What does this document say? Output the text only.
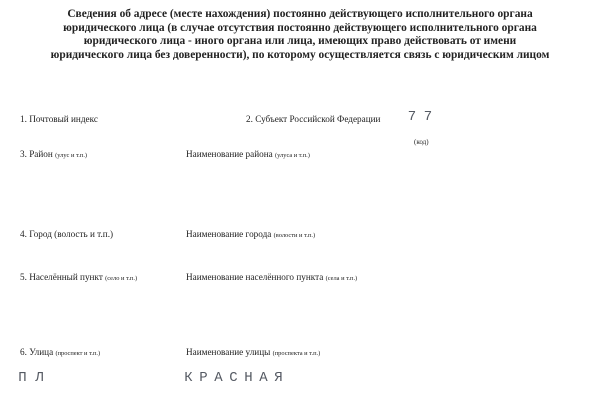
Сведения об адресе (месте нахождения) постоянно действующего исполнительного органа
юридического лица (в случае отсутствия постоянно действующего исполнительного органа
юридического лица - иного органа или лица, имеющих право действовать от имени
юридического лица без доверенности), по которому осуществляется связь с юридическим лицом
1. Почтовый индекс	2. Субъект Российской Федерации 7 7
(код)
3. Район (улус и т.п.)	Наименование района (улуса и т.п.)
4. Город (волость и т.п.)	Наименование города (волости и т.п.)
5. Населённый пункт (село и т.п.)	Наименование населённого пункта (села и т.п.)
6. Улица (проспект и т.п.)	Наименование улицы (проспекта и т.п.)
П Л	К Р А С Н А Я
